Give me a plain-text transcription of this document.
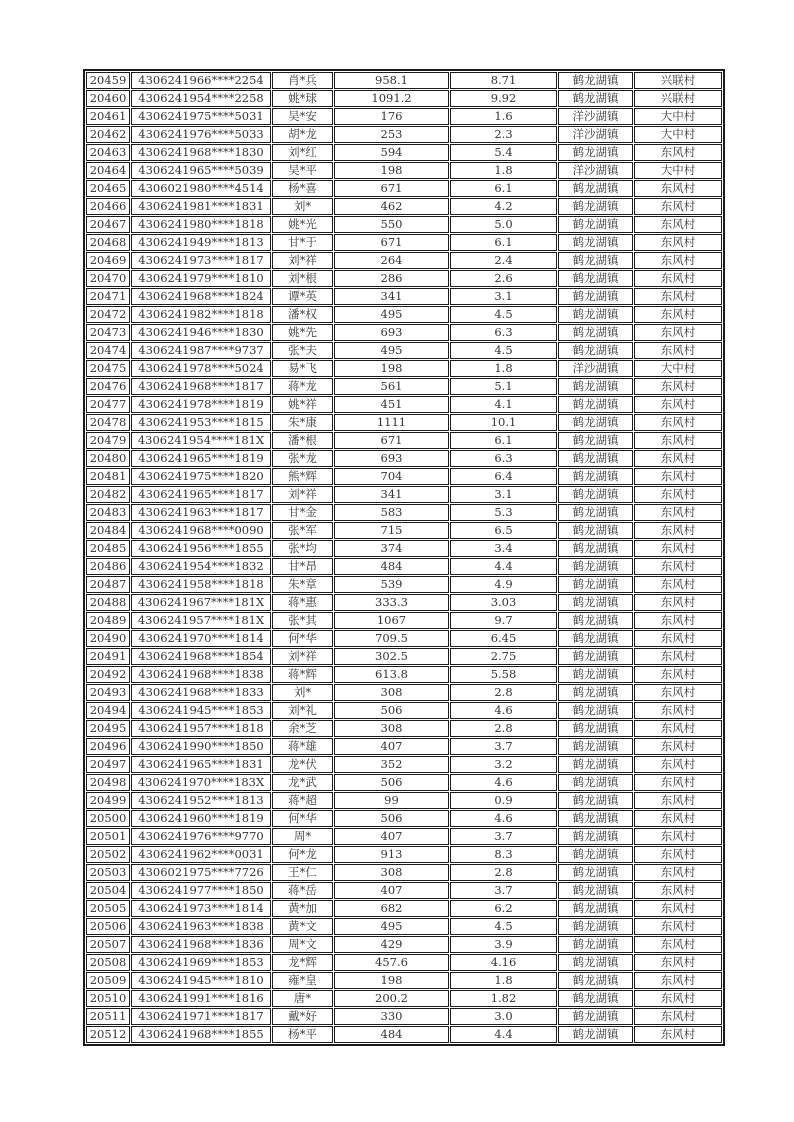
20459	4306241966****2254	肖*兵	958.1	8.71	鹤龙湖镇	兴联村
20460	4306241954****2258	姚*球	1091.2	9.92	鹤龙湖镇	兴联村
20461	4306241975****5031	吴*安	176	1.6	洋沙湖镇	大中村
20462	4306241976****5033	胡*龙	253	2.3	洋沙湖镇	大中村
20463	4306241968****1830	刘*红	594	5.4	鹤龙湖镇	东风村
20464	4306241965****5039	吴*平	198	1.8	洋沙湖镇	大中村
20465	4306021980****4514	杨*喜	671	6.1	鹤龙湖镇	东风村
20466	4306241981****1831	刘*	462	4.2	鹤龙湖镇	东风村
20467	4306241980****1818	姚*光	550	5.0	鹤龙湖镇	东风村
20468	4306241949****1813	甘*于	671	6.1	鹤龙湖镇	东风村
20469	4306241973****1817	刘*祥	264	2.4	鹤龙湖镇	东风村
20470	4306241979****1810	刘*根	286	2.6	鹤龙湖镇	东风村
20471	4306241968****1824	谭*英	341	3.1	鹤龙湖镇	东风村
20472	4306241982****1818	潘*权	495	4.5	鹤龙湖镇	东风村
20473	4306241946****1830	姚*先	693	6.3	鹤龙湖镇	东风村
20474	4306241987****9737	张*夫	495	4.5	鹤龙湖镇	东风村
20475	4306241978****5024	易*飞	198	1.8	洋沙湖镇	大中村
20476	4306241968****1817	蒋*龙	561	5.1	鹤龙湖镇	东风村
20477	4306241978****1819	姚*祥	451	4.1	鹤龙湖镇	东风村
20478	4306241953****1815	朱*康	1111	10.1	鹤龙湖镇	东风村
20479	4306241954****181X	潘*根	671	6.1	鹤龙湖镇	东风村
20480	4306241965****1819	张*龙	693	6.3	鹤龙湖镇	东风村
20481	4306241975****1820	熊*辉	704	6.4	鹤龙湖镇	东风村
20482	4306241965****1817	刘*祥	341	3.1	鹤龙湖镇	东风村
20483	4306241963****1817	甘*金	583	5.3	鹤龙湖镇	东风村
20484	4306241968****0090	张*军	715	6.5	鹤龙湖镇	东风村
20485	4306241956****1855	张*均	374	3.4	鹤龙湖镇	东风村
20486	4306241954****1832	甘*昂	484	4.4	鹤龙湖镇	东风村
20487	4306241958****1818	朱*章	539	4.9	鹤龙湖镇	东风村
20488	4306241967****181X	蒋*惠	333.3	3.03	鹤龙湖镇	东风村
20489	4306241957****181X	张*其	1067	9.7	鹤龙湖镇	东风村
20490	4306241970****1814	何*华	709.5	6.45	鹤龙湖镇	东风村
20491	4306241968****1854	刘*祥	302.5	2.75	鹤龙湖镇	东风村
20492	4306241968****1838	蒋*辉	613.8	5.58	鹤龙湖镇	东风村
20493	4306241968****1833	刘*	308	2.8	鹤龙湖镇	东风村
20494	4306241945****1853	刘*礼	506	4.6	鹤龙湖镇	东风村
20495	4306241957****1818	余*芝	308	2.8	鹤龙湖镇	东风村
20496	4306241990****1850	蒋*雄	407	3.7	鹤龙湖镇	东风村
20497	4306241965****1831	龙*伏	352	3.2	鹤龙湖镇	东风村
20498	4306241970****183X	龙*武	506	4.6	鹤龙湖镇	东风村
20499	4306241952****1813	蒋*超	99	0.9	鹤龙湖镇	东风村
20500	4306241960****1819	何*华	506	4.6	鹤龙湖镇	东风村
20501	4306241976****9770	周*	407	3.7	鹤龙湖镇	东风村
20502	4306241962****0031	何*龙	913	8.3	鹤龙湖镇	东风村
20503	4306021975****7726	王*仁	308	2.8	鹤龙湖镇	东风村
20504	4306241977****1850	蒋*岳	407	3.7	鹤龙湖镇	东风村
20505	4306241973****1814	黄*加	682	6.2	鹤龙湖镇	东风村
20506	4306241963****1838	黄*文	495	4.5	鹤龙湖镇	东风村
20507	4306241968****1836	周*文	429	3.9	鹤龙湖镇	东风村
20508	4306241969****1853	龙*辉	457.6	4.16	鹤龙湖镇	东风村
20509	4306241945****1810	雍*皇	198	1.8	鹤龙湖镇	东风村
20510	4306241991****1816	唐*	200.2	1.82	鹤龙湖镇	东风村
20511	4306241971****1817	戴*好	330	3.0	鹤龙湖镇	东风村
20512	4306241968****1855	杨*平	484	4.4	鹤龙湖镇	东风村
